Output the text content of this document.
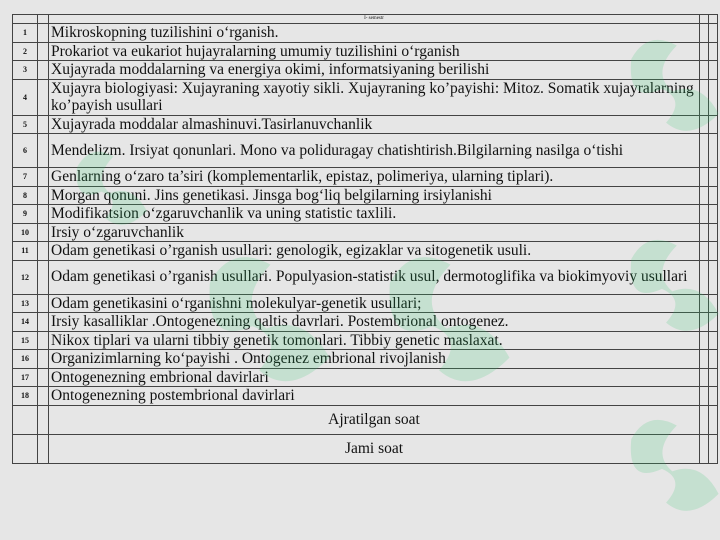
		I- semestr		
1		Mikroskopning tuzilishini o‘rganish.		
2		Prokariot va eukariot hujayralarning umumiy tuzilishini o‘rganish		
3		Xujayrada moddalarning va energiya okimi, informatsiyaning berilishi		
4		Xujayra biologiyasi: Xujayraning xayotiy sikli. Xujayraning ko’payishi: Mitoz. Somatik xujayralarning ko’payish usullari		
5		Xujayrada moddalar almashinuvi.Tasirlanuvchanlik		
6		Mendelizm. Irsiyat qonunlari. Mono va poliduragay chatishtirish.Bilgilarning nasilga o‘tishi		
7		Genlarning o‘zaro ta’siri (komplementarlik, epistaz, polimeriya, ularning tiplari).		
8		Morgan qonuni. Jins genetikasi. Jinsga bog‘liq belgilarning irsiylanishi		
9		Modifikatsion o‘zgaruvchanlik va uning statistic taxlili.		
10		Irsiy o‘zgaruvchanlik		
11		Odam genetikasi o’rganish usullari: genologik, egizaklar va sitogenetik usuli.		
12		Odam genetikasi o’rganish usullari. Populyasion-statistik usul, dermotoglifika va biokimyoviy usullari		
13		Odam genetikasini o‘rganishni molekulyar-genetik usullari;		
14		Irsiy kasalliklar .Ontogenezning qaltis davrlari. Postembrional ontogenez.		
15		Nikox tiplari va ularni tibbiy genetik tomonlari. Tibbiy genetic maslaxat.		
16		Organizimlarning ko‘payishi . Ontogenez embrional rivojlanish		
17		Ontogenezning embrional davirlari		
18		Ontogenezning postembrional davirlari		
		Ajratilgan soat		
		Jami soat		
